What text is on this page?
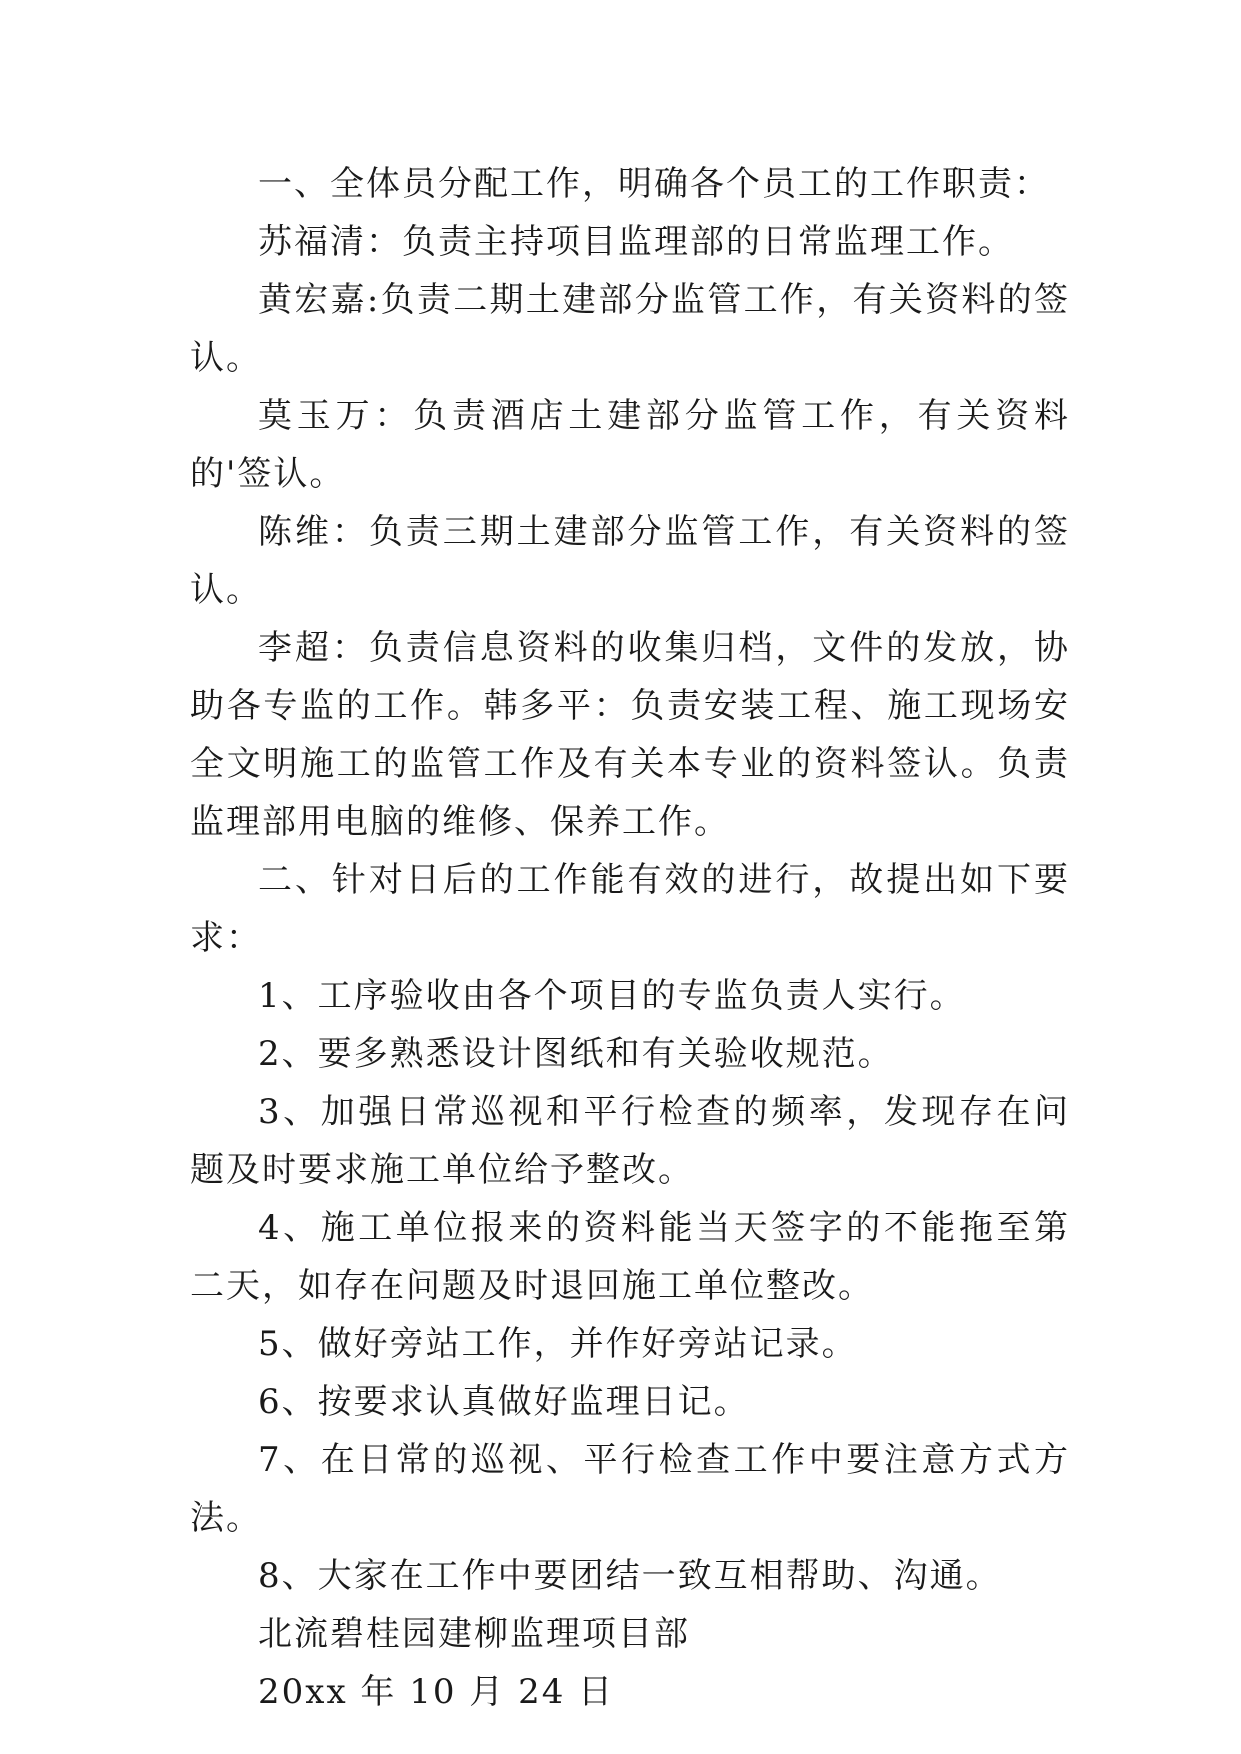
一、全体员分配工作，明确各个员工的工作职责：

苏福清：负责主持项目监理部的日常监理工作。

黄宏嘉:负责二期土建部分监管工作，有关资料的签认。

莫玉万：负责酒店土建部分监管工作，有关资料的'签认。

陈维：负责三期土建部分监管工作，有关资料的签认。

李超：负责信息资料的收集归档，文件的发放，协助各专监的工作。韩多平：负责安装工程、施工现场安全文明施工的监管工作及有关本专业的资料签认。负责监理部用电脑的维修、保养工作。

二、针对日后的工作能有效的进行，故提出如下要求：

1、工序验收由各个项目的专监负责人实行。

2、要多熟悉设计图纸和有关验收规范。

3、加强日常巡视和平行检查的频率，发现存在问题及时要求施工单位给予整改。

4、施工单位报来的资料能当天签字的不能拖至第二天，如存在问题及时退回施工单位整改。

5、做好旁站工作，并作好旁站记录。

6、按要求认真做好监理日记。

7、在日常的巡视、平行检查工作中要注意方式方法。

8、大家在工作中要团结一致互相帮助、沟通。

北流碧桂园建柳监理项目部

20xx 年 10 月 24 日
